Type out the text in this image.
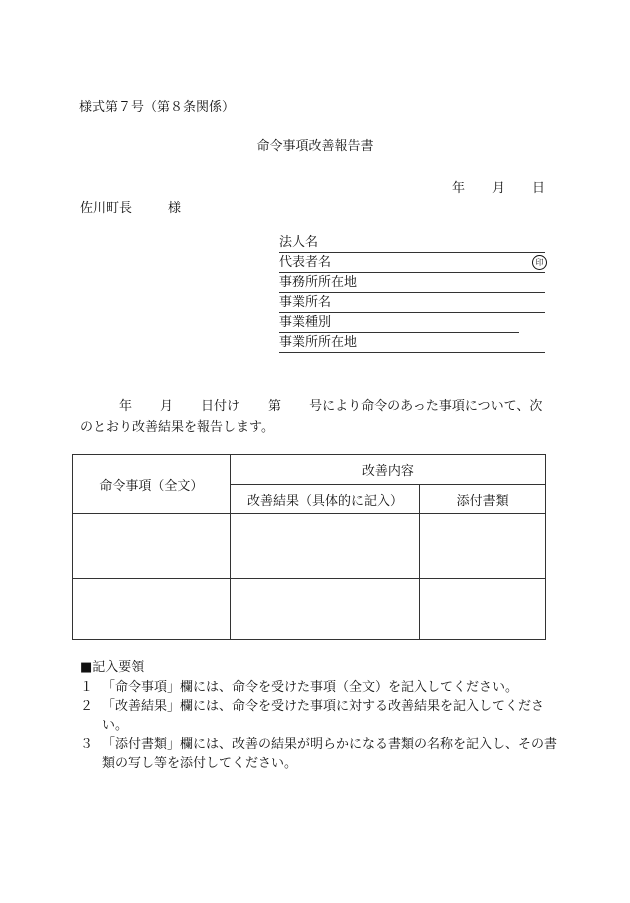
様式第７号（第８条関係）
命令事項改善報告書
年 月 日
佐川町長	様
法人名
代表者名	印
事務所所在地
事業所名
事業種別
事業所所在地
年 月 日付け 第 号により命令のあった事項について、次のとおり改善結果を報告します。
命令事項（全文）	改善内容	
	改善結果（具体的に記入）	添付書類

■記入要領
１ 「命令事項」欄には、命令を受けた事項（全文）を記入してください。
２ 「改善結果」欄には、命令を受けた事項に対する改善結果を記入してください。
３ 「添付書類」欄には、改善の結果が明らかになる書類の名称を記入し、その書類の写し等を添付してください。
